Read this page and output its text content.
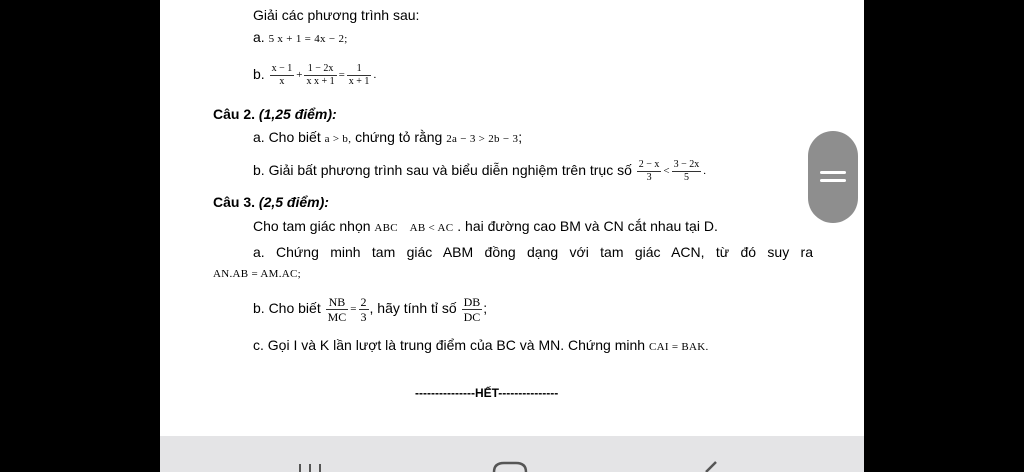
Giải các phương trình sau:
a. 5 x + 1 = 4x − 2;
b. $\frac{x - 1}{x} + \frac{1 - 2x}{\text{x x + 1}} = \frac{1}{x + 1}$ .
Câu 2. (1,25 điểm):
a. Cho biết a > b, chứng tỏ rằng 2a − 3 > 2b − 3;
b. Giải bất phương trình sau và biểu diễn nghiệm trên trục số $\frac{2 - x}{3} < \frac{3 - 2x}{5}$ .
Câu 3. (2,5 điểm):
Cho tam giác nhọn ABC AB < AC . hai đường cao BM và CN cắt nhau tại D.
a. Chứng minh tam giác ABM đồng dạng với tam giác ACN, từ đó suy ra
AN.AB = AM.AC;
b. Cho biết $\frac{NB}{MC} = \frac{2}{3}$ , hãy tính tỉ số $\frac{DB}{DC}$ ;
c. Gọi I và K lần lượt là trung điểm của BC và MN. Chứng minh CAI = BAK.
---------------HẾT---------------
